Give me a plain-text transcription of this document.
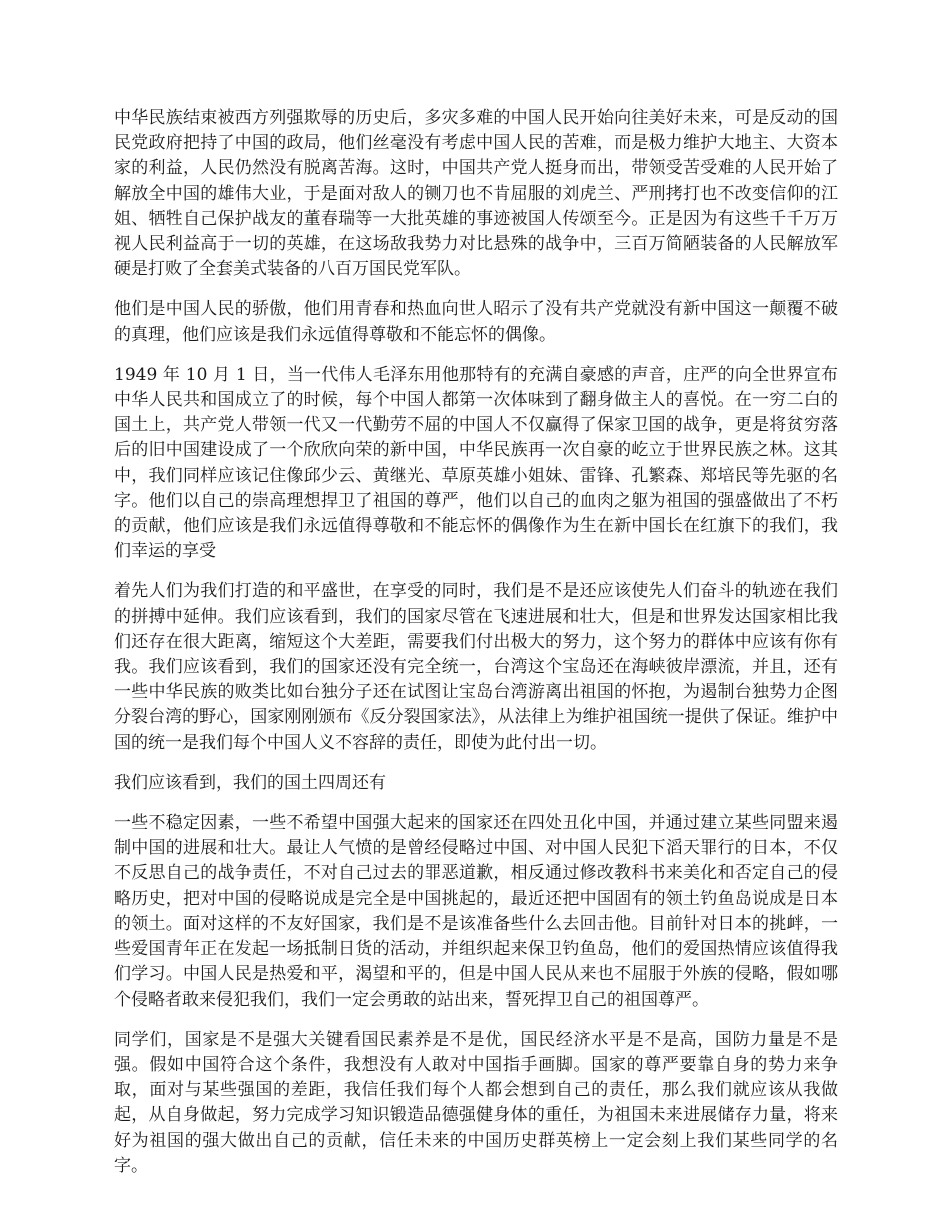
中华民族结束被西方列强欺辱的历史后，多灾多难的中国人民开始向往美好未来，可是反动的国民党政府把持了中国的政局，他们丝毫没有考虑中国人民的苦难，而是极力维护大地主、大资本家的利益，人民仍然没有脱离苦海。这时，中国共产党人挺身而出，带领受苦受难的人民开始了解放全中国的雄伟大业，于是面对敌人的铡刀也不肯屈服的刘虎兰、严刑拷打也不改变信仰的江姐、牺牲自己保护战友的董春瑞等一大批英雄的事迹被国人传颂至今。正是因为有这些千千万万视人民利益高于一切的英雄，在这场敌我势力对比悬殊的战争中，三百万简陋装备的人民解放军硬是打败了全套美式装备的八百万国民党军队。

他们是中国人民的骄傲，他们用青春和热血向世人昭示了没有共产党就没有新中国这一颠覆不破的真理，他们应该是我们永远值得尊敬和不能忘怀的偶像。

1949 年 10 月 1 日，当一代伟人毛泽东用他那特有的充满自豪感的声音，庄严的向全世界宣布中华人民共和国成立了的时候，每个中国人都第一次体味到了翻身做主人的喜悦。在一穷二白的国土上，共产党人带领一代又一代勤劳不屈的中国人不仅赢得了保家卫国的战争，更是将贫穷落后的旧中国建设成了一个欣欣向荣的新中国，中华民族再一次自豪的屹立于世界民族之林。这其中，我们同样应该记住像邱少云、黄继光、草原英雄小姐妹、雷锋、孔繁森、郑培民等先驱的名字。他们以自己的崇高理想捍卫了祖国的尊严，他们以自己的血肉之躯为祖国的强盛做出了不朽的贡献，他们应该是我们永远值得尊敬和不能忘怀的偶像作为生在新中国长在红旗下的我们，我们幸运的享受

着先人们为我们打造的和平盛世，在享受的同时，我们是不是还应该使先人们奋斗的轨迹在我们的拼搏中延伸。我们应该看到，我们的国家尽管在飞速进展和壮大，但是和世界发达国家相比我们还存在很大距离，缩短这个大差距，需要我们付出极大的努力，这个努力的群体中应该有你有我。我们应该看到，我们的国家还没有完全统一，台湾这个宝岛还在海峡彼岸漂流，并且，还有一些中华民族的败类比如台独分子还在试图让宝岛台湾游离出祖国的怀抱，为遏制台独势力企图分裂台湾的野心，国家刚刚颁布《反分裂国家法》，从法律上为维护祖国统一提供了保证。维护中国的统一是我们每个中国人义不容辞的责任，即使为此付出一切。

我们应该看到，我们的国土四周还有

一些不稳定因素，一些不希望中国强大起来的国家还在四处丑化中国，并通过建立某些同盟来遏制中国的进展和壮大。最让人气愤的是曾经侵略过中国、对中国人民犯下滔天罪行的日本，不仅不反思自己的战争责任，不对自己过去的罪恶道歉，相反通过修改教科书来美化和否定自己的侵略历史，把对中国的侵略说成是完全是中国挑起的，最近还把中国固有的领土钓鱼岛说成是日本的领土。面对这样的不友好国家，我们是不是该准备些什么去回击他。目前针对日本的挑衅，一些爱国青年正在发起一场抵制日货的活动，并组织起来保卫钓鱼岛，他们的爱国热情应该值得我们学习。中国人民是热爱和平，渴望和平的，但是中国人民从来也不屈服于外族的侵略，假如哪个侵略者敢来侵犯我们，我们一定会勇敢的站出来，誓死捍卫自己的祖国尊严。

同学们，国家是不是强大关键看国民素养是不是优，国民经济水平是不是高，国防力量是不是强。假如中国符合这个条件，我想没有人敢对中国指手画脚。国家的尊严要靠自身的势力来争取，面对与某些强国的差距，我信任我们每个人都会想到自己的责任，那么我们就应该从我做起，从自身做起，努力完成学习知识锻造品德强健身体的重任，为祖国未来进展储存力量，将来好为祖国的强大做出自己的贡献，信任未来的中国历史群英榜上一定会刻上我们某些同学的名字。
